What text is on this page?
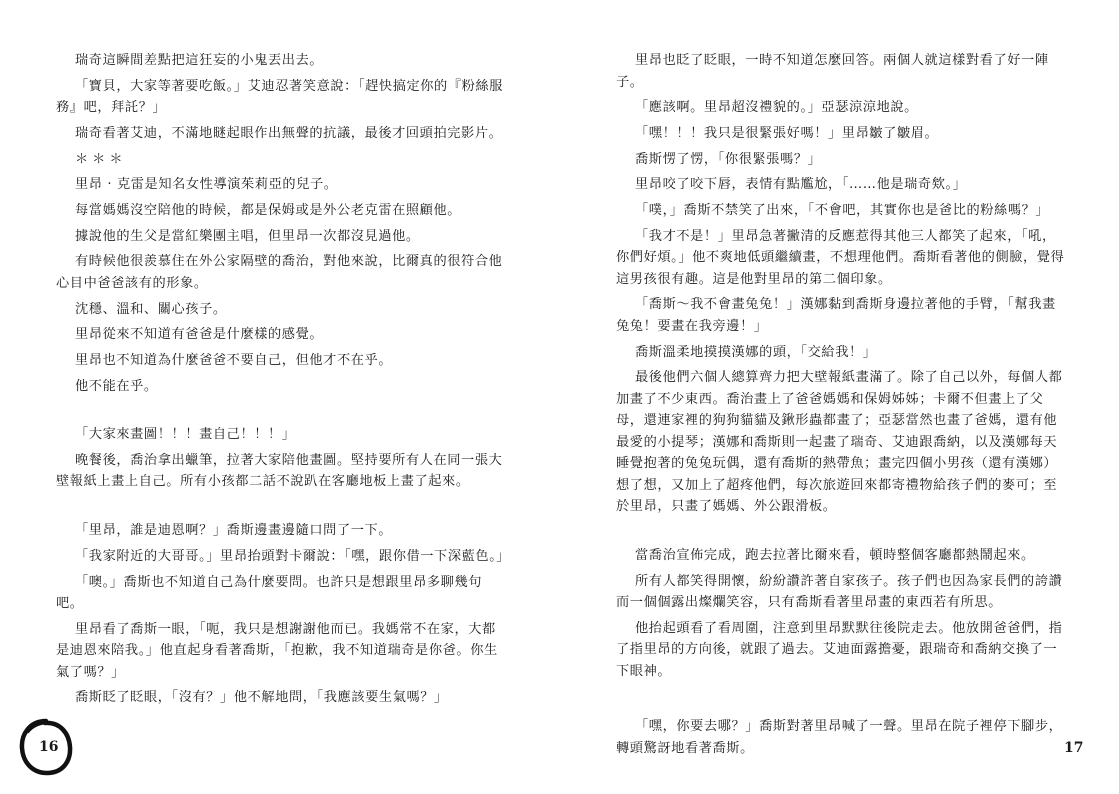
瑞奇這瞬間差點把這狂妄的小鬼丟出去。

「寶貝，大家等著要吃飯。」艾迪忍著笑意說：「趕快搞定你的『粉絲服務』吧，拜託？」

瑞奇看著艾迪，不滿地瞇起眼作出無聲的抗議，最後才回頭拍完影片。

＊＊＊

里昂 ‧ 克雷是知名女性導演茱莉亞的兒子。

每當媽媽沒空陪他的時候，都是保姆或是外公老克雷在照顧他。

據說他的生父是當紅樂團主唱，但里昂一次都沒見過他。

有時候他很羨慕住在外公家隔壁的喬治，對他來說，比爾真的很符合他心目中爸爸該有的形象。

沈穩、溫和、關心孩子。

里昂從來不知道有爸爸是什麼樣的感覺。

里昂也不知道為什麼爸爸不要自己，但他才不在乎。

他不能在乎。

「大家來畫圖！！！畫自己！！！」

晚餐後，喬治拿出蠟筆，拉著大家陪他畫圖。堅持要所有人在同一張大壁報紙上畫上自己。所有小孩都二話不說趴在客廳地板上畫了起來。

「里昂，誰是迪恩啊？」喬斯邊畫邊隨口問了一下。

「我家附近的大哥哥。」里昂抬頭對卡爾說：「嘿，跟你借一下深藍色。」

「噢。」喬斯也不知道自己為什麼要問。也許只是想跟里昂多聊幾句吧。

里昂看了喬斯一眼，「呃，我只是想謝謝他而已。我媽常不在家，大都是迪恩來陪我。」他直起身看著喬斯，「抱歉，我不知道瑞奇是你爸。你生氣了嗎？」

喬斯眨了眨眼，「沒有？」他不解地問，「我應該要生氣嗎？」

16

里昂也眨了眨眼，一時不知道怎麼回答。兩個人就這樣對看了好一陣子。

「應該啊。里昂超沒禮貌的。」亞瑟涼涼地說。

「嘿！！！我只是很緊張好嗎！」里昂皺了皺眉。

喬斯愣了愣，「你很緊張嗎？」

里昂咬了咬下唇，表情有點尷尬，「……他是瑞奇欸。」

「噗，」喬斯不禁笑了出來，「不會吧，其實你也是爸比的粉絲嗎？」

「我才不是！」里昂急著撇清的反應惹得其他三人都笑了起來，「吼，你們好煩。」他不爽地低頭繼續畫，不想理他們。喬斯看著他的側臉，覺得這男孩很有趣。這是他對里昂的第二個印象。

「喬斯～我不會畫兔兔！」漢娜黏到喬斯身邊拉著他的手臂，「幫我畫兔兔！要畫在我旁邊！」

喬斯溫柔地摸摸漢娜的頭，「交給我！」

最後他們六個人總算齊力把大壁報紙畫滿了。除了自己以外，每個人都加畫了不少東西。喬治畫上了爸爸媽媽和保姆姊姊；卡爾不但畫上了父母，還連家裡的狗狗貓貓及鍬形蟲都畫了；亞瑟當然也畫了爸媽，還有他最愛的小提琴；漢娜和喬斯則一起畫了瑞奇、艾迪跟喬納，以及漢娜每天睡覺抱著的兔兔玩偶，還有喬斯的熱帶魚；畫完四個小男孩（還有漢娜）想了想，又加上了超疼他們，每次旅遊回來都寄禮物給孩子們的麥可；至於里昂，只畫了媽媽、外公跟滑板。

當喬治宣佈完成，跑去拉著比爾來看，頓時整個客廳都熱鬧起來。

所有人都笑得開懷，紛紛讚許著自家孩子。孩子們也因為家長們的誇讚而一個個露出燦爛笑容，只有喬斯看著里昂畫的東西若有所思。

他抬起頭看了看周圍，注意到里昂默默往後院走去。他放開爸爸們，指了指里昂的方向後，就跟了過去。艾迪面露擔憂，跟瑞奇和喬納交換了一下眼神。

「嘿，你要去哪？」喬斯對著里昂喊了一聲。里昂在院子裡停下腳步，轉頭驚訝地看著喬斯。	17
